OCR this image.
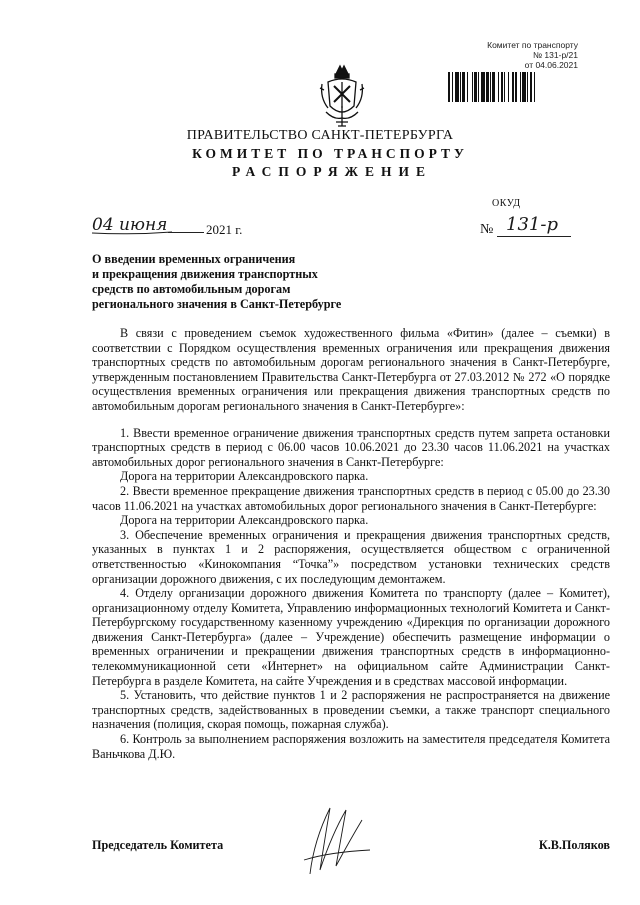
Комитет по транспорту
№ 131-р/21
от 04.06.2021
ПРАВИТЕЛЬСТВО САНКТ-ПЕТЕРБУРГА
КОМИТЕТ ПО ТРАНСПОРТУ
РАСПОРЯЖЕНИЕ
ОКУД
04 июня	2021 г.	№ 131-р
О введении временных ограничения
и прекращения движения транспортных
средств по автомобильным дорогам
регионального значения в Санкт-Петербурге

В связи с проведением съемок художественного фильма «Фитин» (далее – съемки) в соответствии с Порядком осуществления временных ограничения или прекращения движения транспортных средств по автомобильным дорогам регионального значения в Санкт-Петербурге, утвержденным постановлением Правительства Санкт-Петербурга от 27.03.2012 № 272 «О порядке осуществления временных ограничения или прекращения движения транспортных средств по автомобильным дорогам регионального значения в Санкт-Петербурге»:

1. Ввести временное ограничение движения транспортных средств путем запрета остановки транспортных средств в период с 06.00 часов 10.06.2021 до 23.30 часов 11.06.2021 на участках автомобильных дорог регионального значения в Санкт-Петербурге:

Дорога на территории Александровского парка.

2. Ввести временное прекращение движения транспортных средств в период с 05.00 до 23.30 часов 11.06.2021 на участках автомобильных дорог регионального значения в Санкт-Петербурге:

Дорога на территории Александровского парка.

3. Обеспечение временных ограничения и прекращения движения транспортных средств, указанных в пунктах 1 и 2 распоряжения, осуществляется обществом с ограниченной ответственностью «Кинокомпания “Точка”» посредством установки технических средств организации дорожного движения, с их последующим демонтажем.

4. Отделу организации дорожного движения Комитета по транспорту (далее – Комитет), организационному отделу Комитета, Управлению информационных технологий Комитета и Санкт-Петербургскому государственному казенному учреждению «Дирекция по организации дорожного движения Санкт-Петербурга» (далее – Учреждение) обеспечить размещение информации о временных ограничении и прекращении движения транспортных средств в информационно-телекоммуникационной сети «Интернет» на официальном сайте Администрации Санкт-Петербурга в разделе Комитета, на сайте Учреждения и в средствах массовой информации.

5. Установить, что действие пунктов 1 и 2 распоряжения не распространяется на движение транспортных средств, задействованных в проведении съемки, а также транспорт специального назначения (полиция, скорая помощь, пожарная служба).

6. Контроль за выполнением распоряжения возложить на заместителя председателя Комитета Ваньчкова Д.Ю.

Председатель Комитета	К.В.Поляков
